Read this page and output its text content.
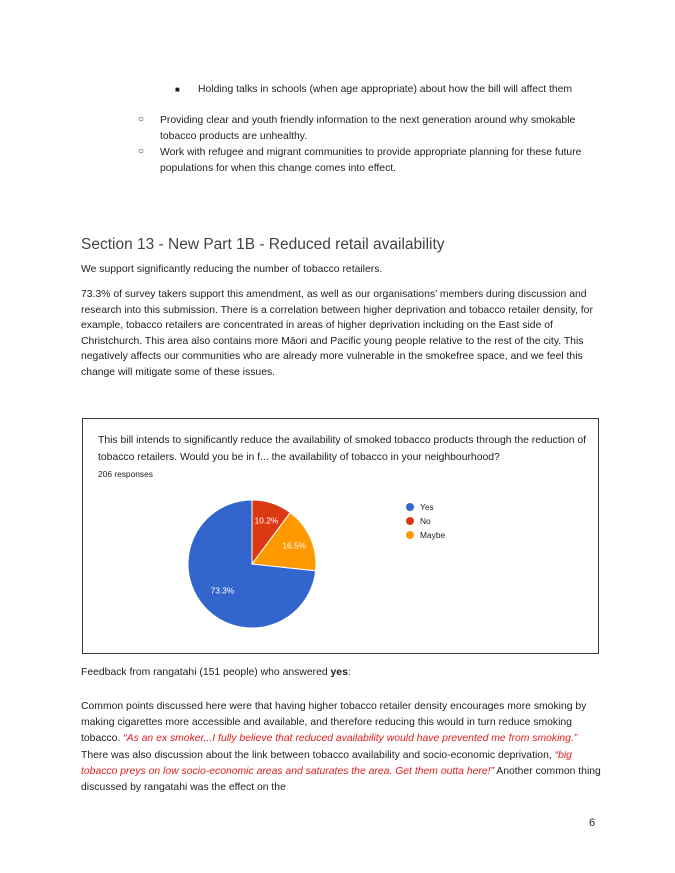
■ Holding talks in schools (when age appropriate) about how the bill will affect them
○ Providing clear and youth friendly information to the next generation around why smokable tobacco products are unhealthy.
○ Work with refugee and migrant communities to provide appropriate planning for these future populations for when this change comes into effect.
Section 13 - New Part 1B - Reduced retail availability
We support significantly reducing the number of tobacco retailers.
73.3% of survey takers support this amendment, as well as our organisations’ members during discussion and research into this submission. There is a correlation between higher deprivation and tobacco retailer density, for example, tobacco retailers are concentrated in areas of higher deprivation including on the East side of Christchurch. This area also contains more Māori and Pacific young people relative to the rest of the city. This negatively affects our communities who are already more vulnerable in the smokefree space, and we feel this change will mitigate some of these issues.
This bill intends to significantly reduce the availability of smoked tobacco products through the reduction of tobacco retailers. Would you be in f... the availability of tobacco in your neighbourhood?
206 responses
10.2%
16.5%
73.3%
Yes
No
Maybe
Feedback from rangatahi (151 people) who answered yes:
Common points discussed here were that having higher tobacco retailer density encourages more smoking by making cigarettes more accessible and available, and therefore reducing this would in turn reduce smoking tobacco. “As an ex smoker...I fully believe that reduced availability would have prevented me from smoking.” There was also discussion about the link between tobacco availability and socio-economic deprivation, “big tobacco preys on low socio-economic areas and saturates the area. Get them outta here!” Another common thing discussed by rangatahi was the effect on the
6
